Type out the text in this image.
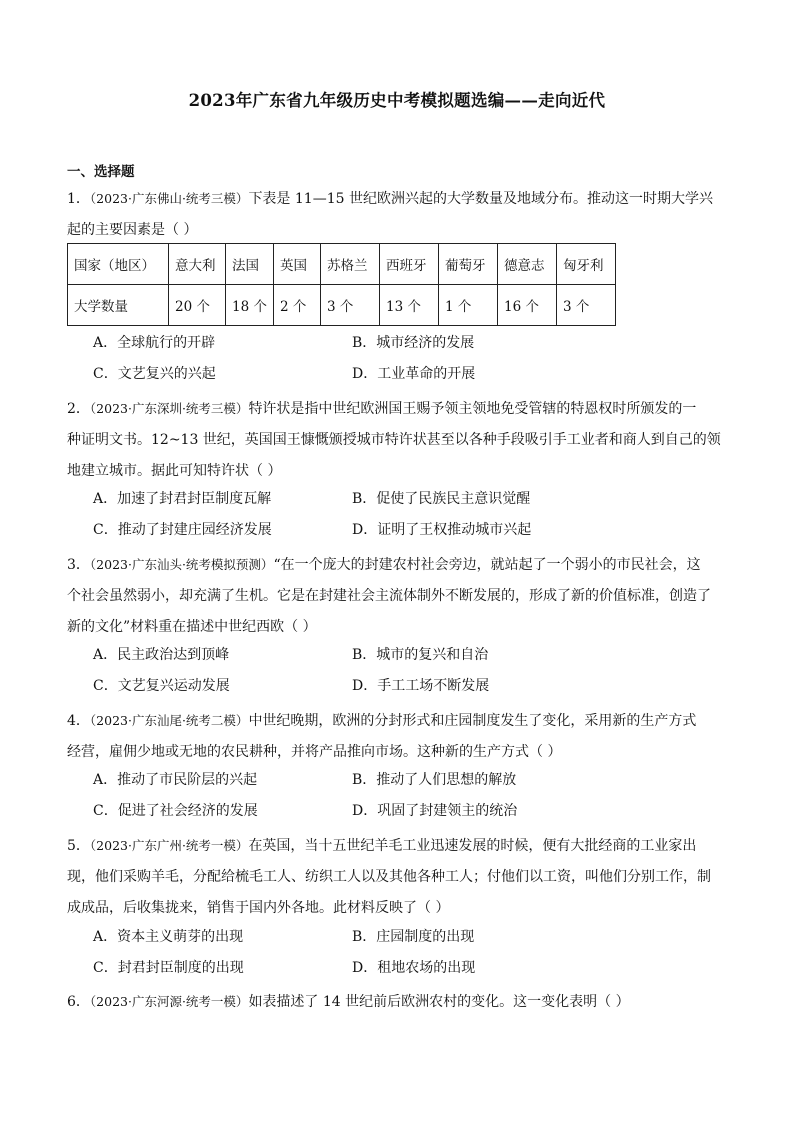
2023年广东省九年级历史中考模拟题选编——走向近代
一、选择题
1．（2023·广东佛山·统考三模）下表是 11—15 世纪欧洲兴起的大学数量及地域分布。推动这一时期大学兴
起的主要因素是（ ）
国家（地区）	意大利	法国	英国	苏格兰	西班牙	葡萄牙	德意志	匈牙利
大学数量	20 个	18 个	2 个	3 个	13 个	1 个	16 个	3 个
A．全球航行的开辟	B．城市经济的发展
C．文艺复兴的兴起	D．工业革命的开展
2．（2023·广东深圳·统考三模）特许状是指中世纪欧洲国王赐予领主领地免受管辖的特恩权时所颁发的一
种证明文书。12~13 世纪，英国国王慷慨颁授城市特许状甚至以各种手段吸引手工业者和商人到自己的领
地建立城市。据此可知特许状（ ）
A．加速了封君封臣制度瓦解	B．促使了民族民主意识觉醒
C．推动了封建庄园经济发展	D．证明了王权推动城市兴起
3．（2023·广东汕头·统考模拟预测）“在一个庞大的封建农村社会旁边，就站起了一个弱小的市民社会，这
个社会虽然弱小，却充满了生机。它是在封建社会主流体制外不断发展的，形成了新的价值标准，创造了
新的文化”材料重在描述中世纪西欧（ ）
A．民主政治达到顶峰	B．城市的复兴和自治
C．文艺复兴运动发展	D．手工工场不断发展
4．（2023·广东汕尾·统考二模）中世纪晚期，欧洲的分封形式和庄园制度发生了变化，采用新的生产方式
经营，雇佣少地或无地的农民耕种，并将产品推向市场。这种新的生产方式（ ）
A．推动了市民阶层的兴起	B．推动了人们思想的解放
C．促进了社会经济的发展	D．巩固了封建领主的统治
5．（2023·广东广州·统考一模）在英国，当十五世纪羊毛工业迅速发展的时候，便有大批经商的工业家出
现，他们采购羊毛，分配给梳毛工人、纺织工人以及其他各种工人；付他们以工资，叫他们分别工作，制
成成品，后收集拢来，销售于国内外各地。此材料反映了（ ）
A．资本主义萌芽的出现	B．庄园制度的出现
C．封君封臣制度的出现	D．租地农场的出现
6．（2023·广东河源·统考一模）如表描述了 14 世纪前后欧洲农村的变化。这一变化表明（ ）
